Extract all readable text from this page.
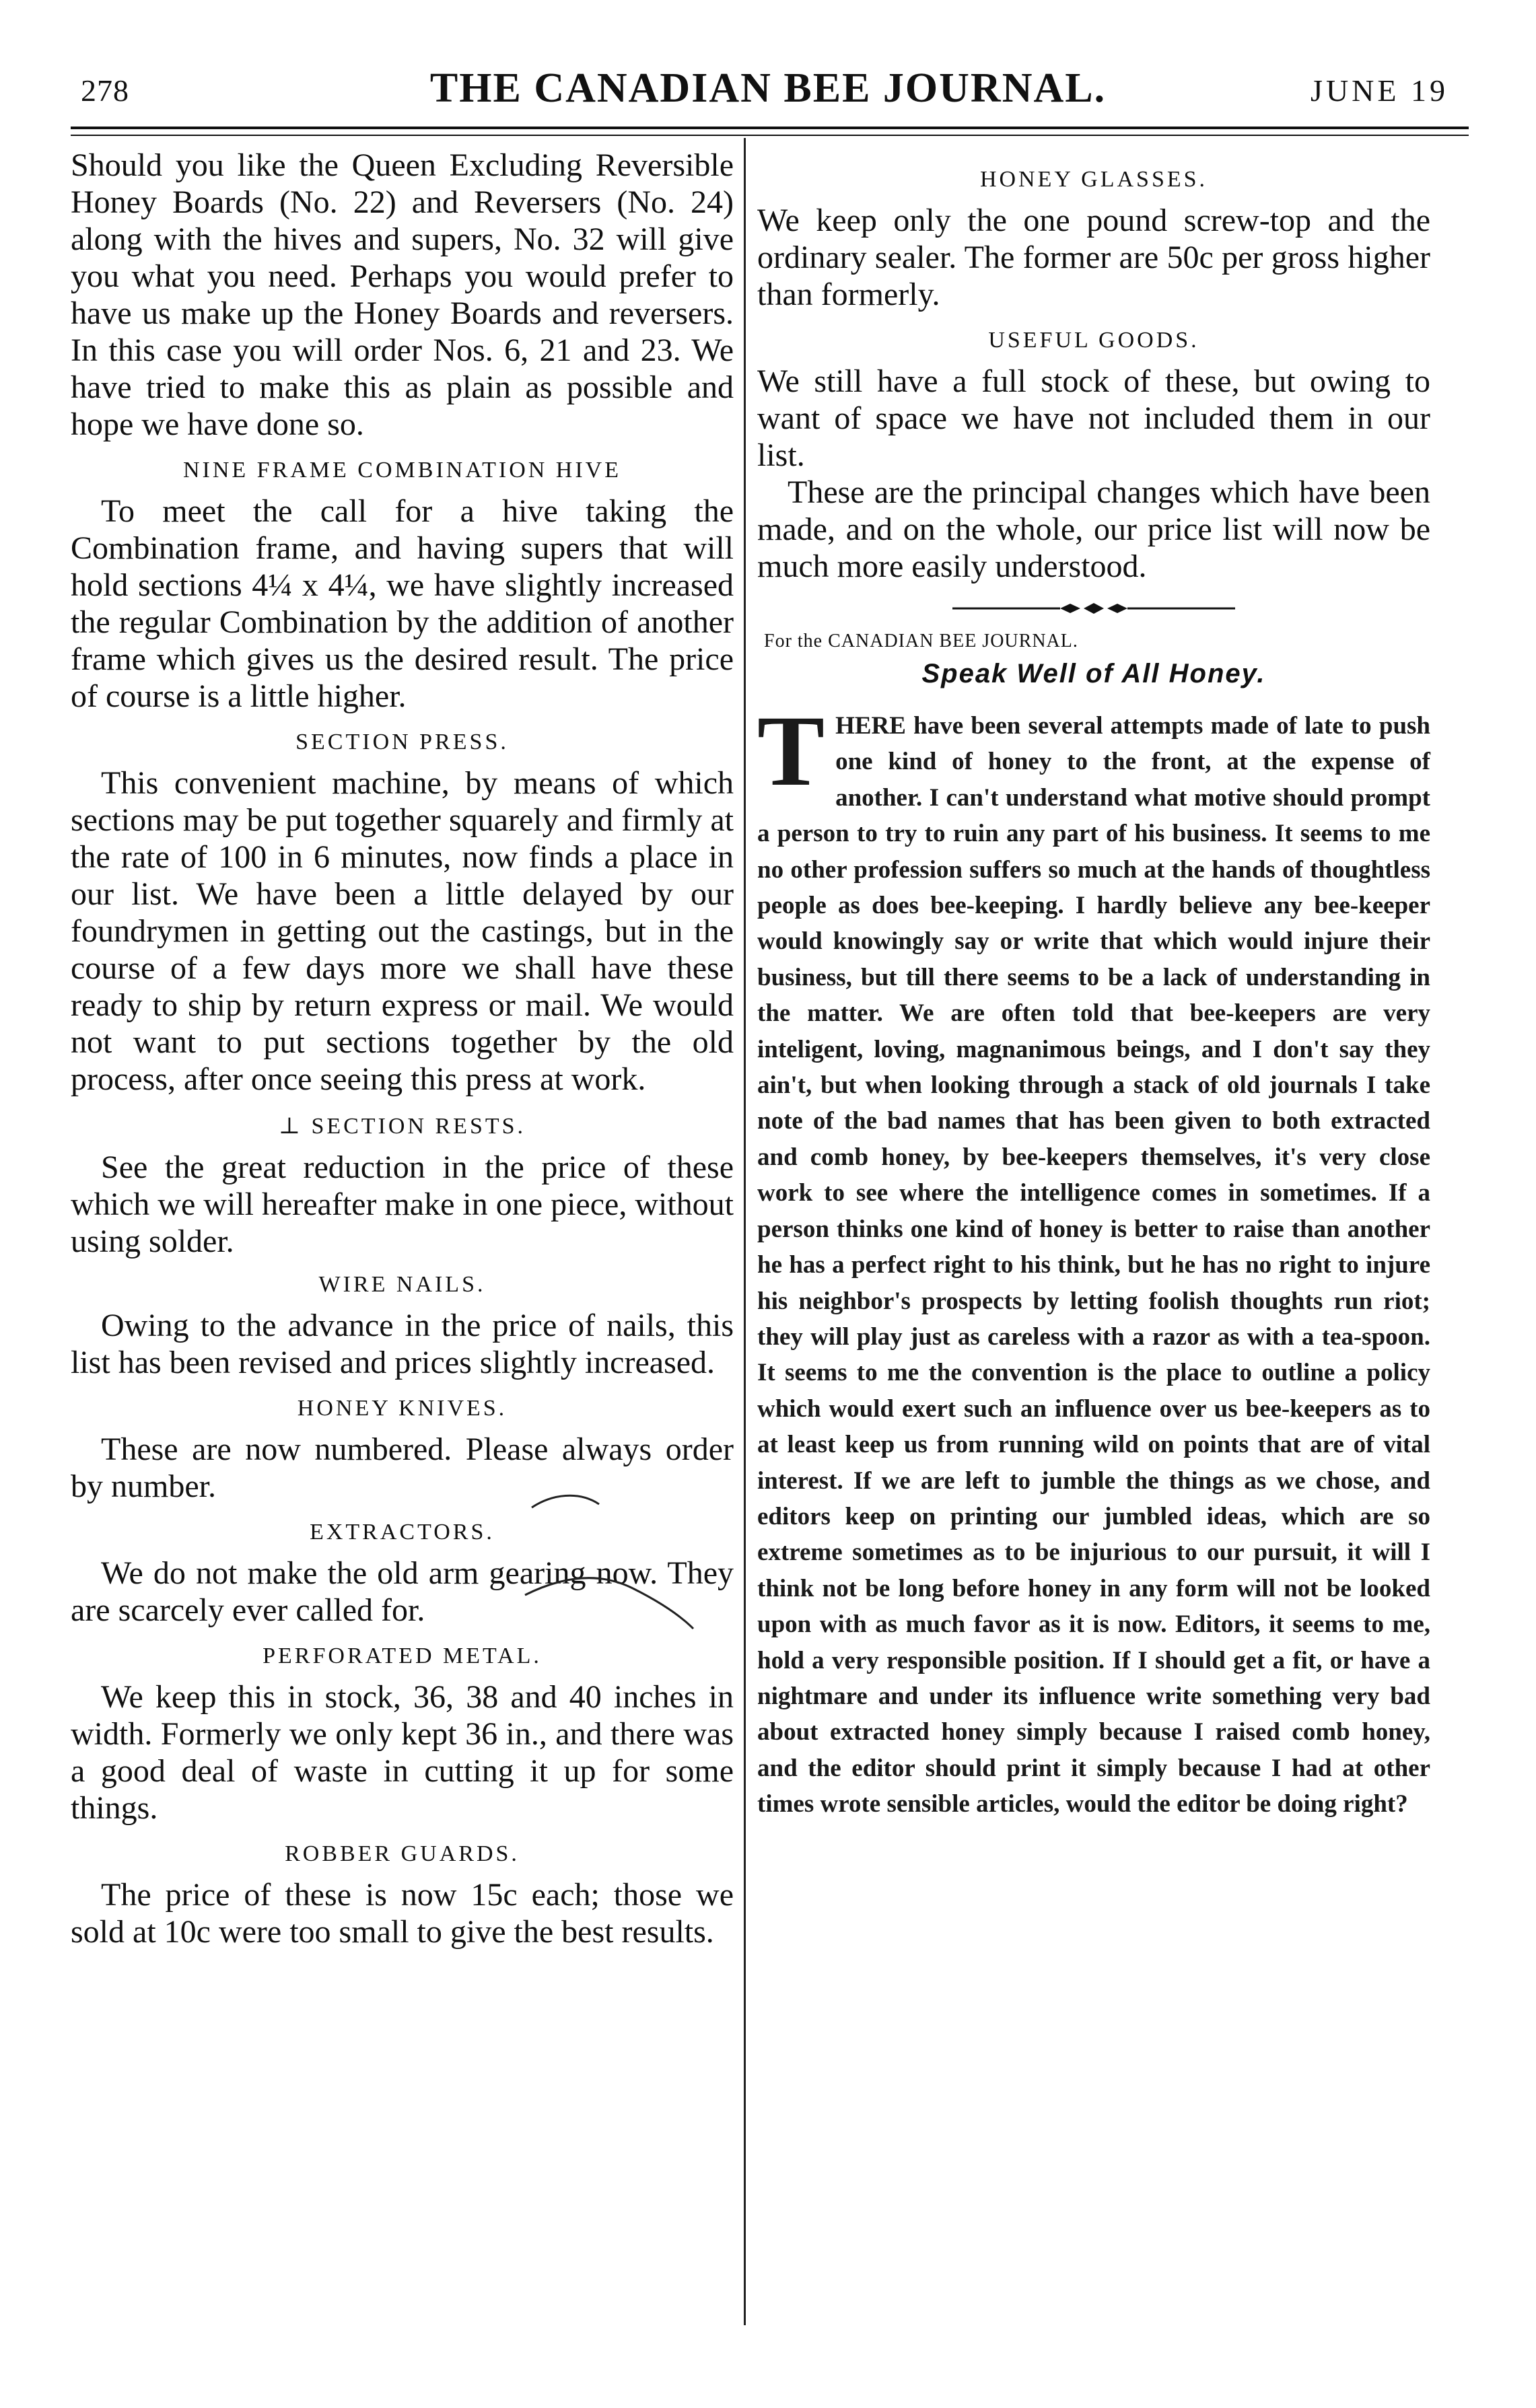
278	THE CANADIAN BEE JOURNAL.	JUNE 19

Should you like the Queen Excluding Reversible Honey Boards (No. 22) and Reversers (No. 24) along with the hives and supers, No. 32 will give you what you need. Perhaps you would prefer to have us make up the Honey Boards and reversers. In this case you will order Nos. 6, 21 and 23. We have tried to make this as plain as possible and hope we have done so.

NINE FRAME COMBINATION HIVE

To meet the call for a hive taking the Combination frame, and having supers that will hold sections 4¼ x 4¼, we have slightly increased the regular Combination by the addition of another frame which gives us the desired result. The price of course is a little higher.

SECTION PRESS.

This convenient machine, by means of which sections may be put together squarely and firmly at the rate of 100 in 6 minutes, now finds a place in our list. We have been a little delayed by our foundrymen in getting out the castings, but in the course of a few days more we shall have these ready to ship by return express or mail. We would not want to put sections together by the old process, after once seeing this press at work.

⊥ SECTION RESTS.

See the great reduction in the price of these which we will hereafter make in one piece, without using solder.

WIRE NAILS.

Owing to the advance in the price of nails, this list has been revised and prices slightly increased.

HONEY KNIVES.

These are now numbered. Please always order by number.

EXTRACTORS.

We do not make the old arm gearing now. They are scarcely ever called for.

PERFORATED METAL.

We keep this in stock, 36, 38 and 40 inches in width. Formerly we only kept 36 in., and there was a good deal of waste in cutting it up for some things.

ROBBER GUARDS.

The price of these is now 15c each; those we sold at 10c were too small to give the best results.

HONEY GLASSES.

We keep only the one pound screw-top and the ordinary sealer. The former are 50c per gross higher than formerly.

USEFUL GOODS.

We still have a full stock of these, but owing to want of space we have not included them in our list.

These are the principal changes which have been made, and on the whole, our price list will now be much more easily understood.

For the CANADIAN BEE JOURNAL.
Speak Well of All Honey.

THERE have been several attempts made of late to push one kind of honey to the front, at the expense of another. I can't understand what motive should prompt a person to try to ruin any part of his business. It seems to me no other profession suffers so much at the hands of thoughtless people as does bee-keeping. I hardly believe any bee-keeper would knowingly say or write that which would injure their business, but till there seems to be a lack of understanding in the matter. We are often told that bee-keepers are very inteligent, loving, magnanimous beings, and I don't say they ain't, but when looking through a stack of old journals I take note of the bad names that has been given to both extracted and comb honey, by bee-keepers themselves, it's very close work to see where the intelligence comes in sometimes. If a person thinks one kind of honey is better to raise than another he has a perfect right to his think, but he has no right to injure his neighbor's prospects by letting foolish thoughts run riot; they will play just as careless with a razor as with a tea-spoon. It seems to me the convention is the place to outline a policy which would exert such an influence over us bee-keepers as to at least keep us from running wild on points that are of vital interest. If we are left to jumble the things as we chose, and editors keep on printing our jumbled ideas, which are so extreme sometimes as to be injurious to our pursuit, it will I think not be long before honey in any form will not be looked upon with as much favor as it is now. Editors, it seems to me, hold a very responsible position. If I should get a fit, or have a nightmare and under its influence write something very bad about extracted honey simply because I raised comb honey, and the editor should print it simply because I had at other times wrote sensible articles, would the editor be doing right?
